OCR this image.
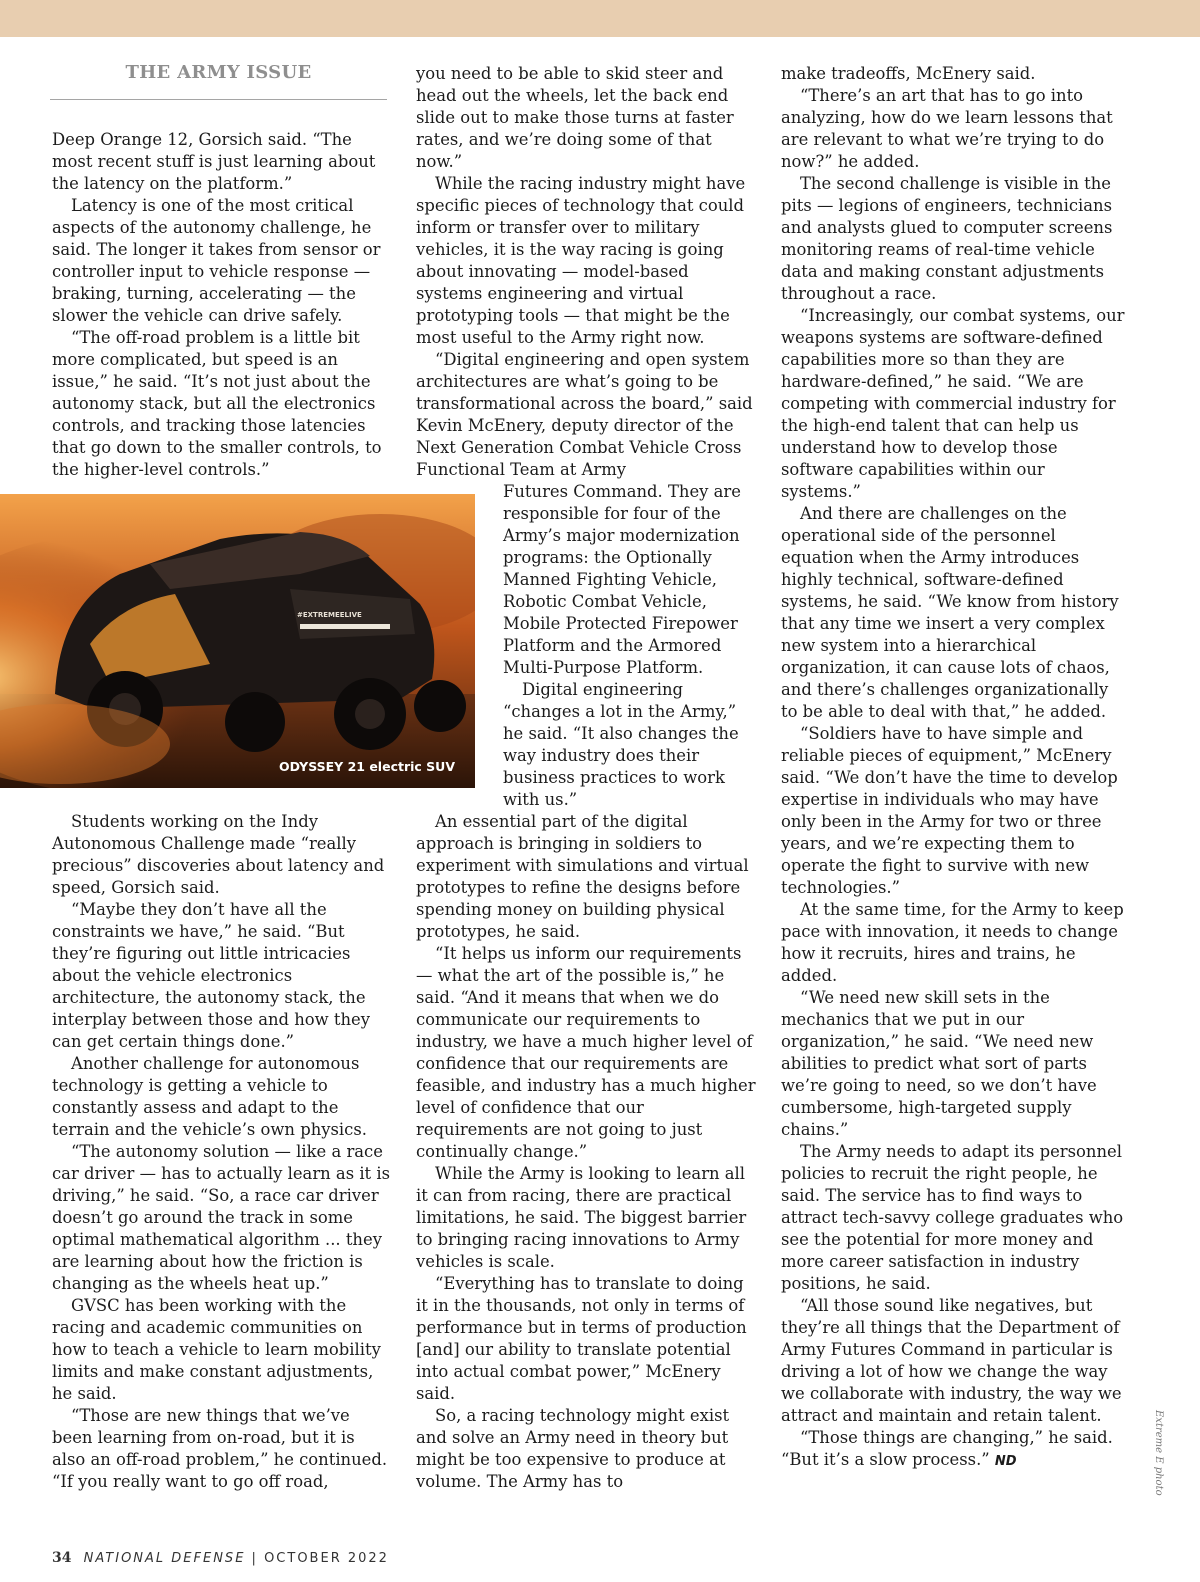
THE ARMY ISSUE

Deep Orange 12, Gorsich said. “The most recent stuff is just learning about the latency on the platform.”

Latency is one of the most critical aspects of the autonomy challenge, he said. The longer it takes from sensor or controller input to vehicle response — braking, turning, accelerating — the slower the vehicle can drive safely.

“The off-road problem is a little bit more complicated, but speed is an issue,” he said. “It’s not just about the autonomy stack, but all the electronics controls, and tracking those latencies that go down to the smaller controls, to the higher-level controls.”

#EXTREMEELIVE
ODYSSEY 21 electric SUV

Students working on the Indy Autonomous Challenge made “really precious” discoveries about latency and speed, Gorsich said.

“Maybe they don’t have all the constraints we have,” he said. “But they’re figuring out little intricacies about the vehicle electronics architecture, the autonomy stack, the interplay between those and how they can get certain things done.”

Another challenge for autonomous technology is getting a vehicle to constantly assess and adapt to the terrain and the vehicle’s own physics.

“The autonomy solution — like a race car driver — has to actually learn as it is driving,” he said. “So, a race car driver doesn’t go around the track in some optimal mathematical algorithm ... they are learning about how the friction is changing as the wheels heat up.”

GVSC has been working with the racing and academic communities on how to teach a vehicle to learn mobility limits and make constant adjustments, he said.

“Those are new things that we’ve been learning from on-road, but it is also an off-road problem,” he continued. “If you really want to go off road,

you need to be able to skid steer and head out the wheels, let the back end slide out to make those turns at faster rates, and we’re doing some of that now.”

While the racing industry might have specific pieces of technology that could inform or transfer over to military vehicles, it is the way racing is going about innovating — model-based systems engineering and virtual prototyping tools — that might be the most useful to the Army right now.

“Digital engineering and open system architectures are what’s going to be transformational across the board,” said Kevin McEnery, deputy director of the Next Generation Combat Vehicle Cross Functional Team at Army

Futures Command. They are responsible for four of the Army’s major modernization programs: the Optionally Manned Fighting Vehicle, Robotic Combat Vehicle, Mobile Protected Firepower Platform and the Armored Multi-Purpose Platform.

Digital engineering “changes a lot in the Army,” he said. “It also changes the way industry does their business practices to work with us.”

An essential part of the digital approach is bringing in soldiers to experiment with simulations and virtual prototypes to refine the designs before spending money on building physical prototypes, he said.

“It helps us inform our requirements — what the art of the possible is,” he said. “And it means that when we do communicate our requirements to industry, we have a much higher level of confidence that our requirements are feasible, and industry has a much higher level of confidence that our requirements are not going to just continually change.”

While the Army is looking to learn all it can from racing, there are practical limitations, he said. The biggest barrier to bringing racing innovations to Army vehicles is scale.

“Everything has to translate to doing it in the thousands, not only in terms of performance but in terms of production [and] our ability to translate potential into actual combat power,” McEnery said.

So, a racing technology might exist and solve an Army need in theory but might be too expensive to produce at volume. The Army has to

make tradeoffs, McEnery said.

“There’s an art that has to go into analyzing, how do we learn lessons that are relevant to what we’re trying to do now?” he added.

The second challenge is visible in the pits — legions of engineers, technicians and analysts glued to computer screens monitoring reams of real-time vehicle data and making constant adjustments throughout a race.

“Increasingly, our combat systems, our weapons systems are software-defined capabilities more so than they are hardware-defined,” he said. “We are competing with commercial industry for the high-end talent that can help us understand how to develop those software capabilities within our systems.”

And there are challenges on the operational side of the personnel equation when the Army introduces highly technical, software-defined systems, he said. “We know from history that any time we insert a very complex new system into a hierarchical organization, it can cause lots of chaos, and there’s challenges organizationally to be able to deal with that,” he added.

“Soldiers have to have simple and reliable pieces of equipment,” McEnery said. “We don’t have the time to develop expertise in individuals who may have only been in the Army for two or three years, and we’re expecting them to operate the fight to survive with new technologies.”

At the same time, for the Army to keep pace with innovation, it needs to change how it recruits, hires and trains, he added.

“We need new skill sets in the mechanics that we put in our organization,” he said. “We need new abilities to predict what sort of parts we’re going to need, so we don’t have cumbersome, high-targeted supply chains.”

The Army needs to adapt its personnel policies to recruit the right people, he said. The service has to find ways to attract tech-savvy college graduates who see the potential for more money and more career satisfaction in industry positions, he said.

“All those sound like negatives, but they’re all things that the Department of Army Futures Command in particular is driving a lot of how we change the way we collaborate with industry, the way we attract and maintain and retain talent.

“Those things are changing,” he said. “But it’s a slow process.” ND	Extreme E photo
34 NATIONAL DEFENSE | OCTOBER 2022
